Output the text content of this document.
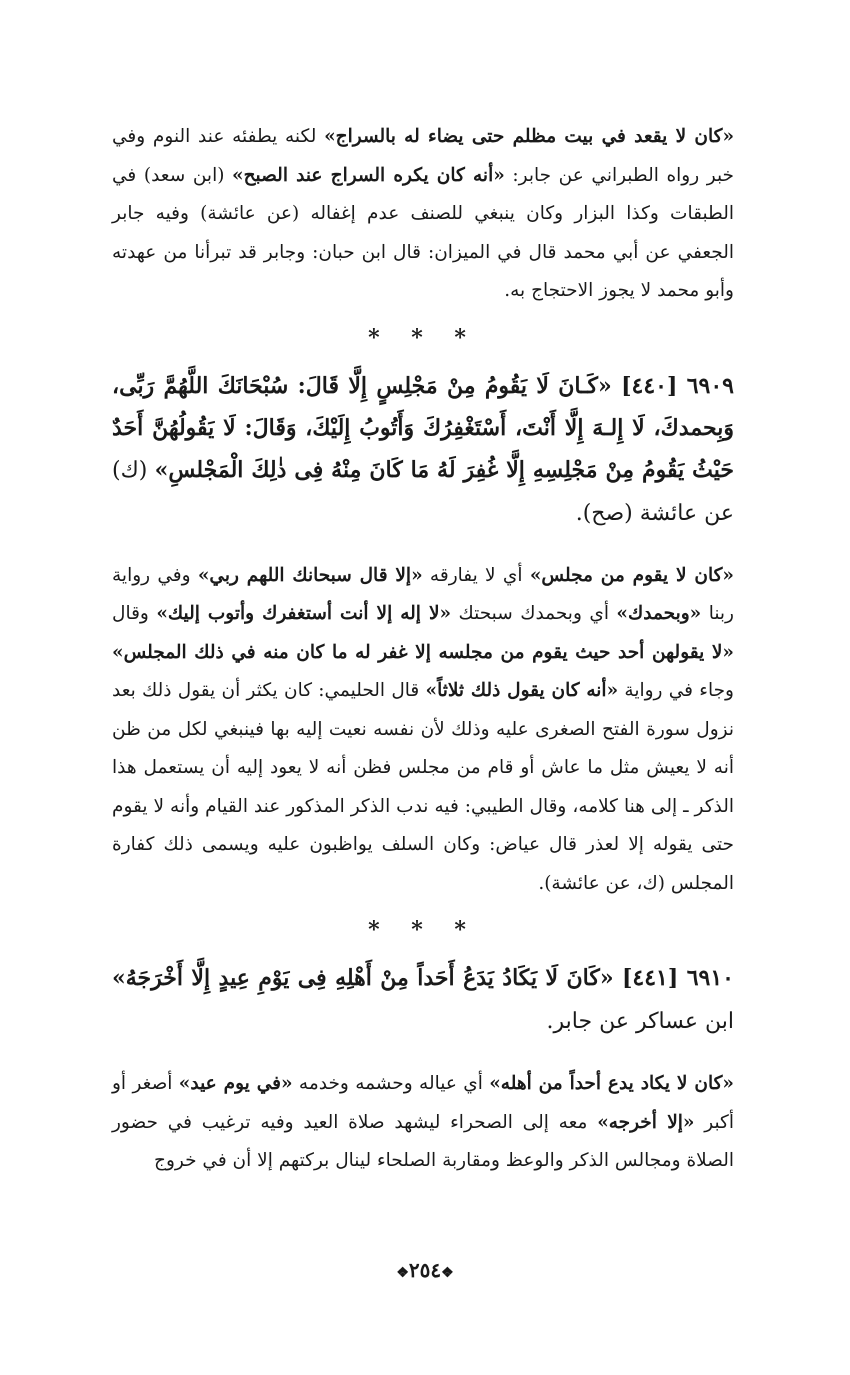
«كان لا يقعد في بيت مظلم حتى يضاء له بالسراج» لكنه يطفئه عند النوم وفي خبر رواه الطبراني عن جابر: «أنه كان يكره السراج عند الصبح» (ابن سعد) في الطبقات وكذا البزار وكان ينبغي للصنف عدم إغفاله (عن عائشة) وفيه جابر الجعفي عن أبي محمد قال في الميزان: قال ابن حبان: وجابر قد تبرأنا من عهدته وأبو محمد لا يجوز الاحتجاج به.

* * *

٦٩٠٩ [٤٤٠] «كَـانَ لَا يَقُومُ مِنْ مَجْلِسٍ إِلَّا قَالَ: سُبْحَانَكَ اللَّهُمَّ رَبِّى، وَبِحمدكَ، لَا إِلـهَ إِلَّا أَنْتَ، أَسْتَغْفِرُكَ وَأَتُوبُ إِلَيْكَ، وَقَالَ: لَا يَقُولُهُنَّ أَحَدٌ حَيْثُ يَقُومُ مِنْ مَجْلِسِهِ إِلَّا غُفِرَ لَهُ مَا كَانَ مِنْهُ فِى ذٰلِكَ الْمَجْلسِ» (ك) عن عائشة (صح).

«كان لا يقوم من مجلس» أي لا يفارقه «إلا قال سبحانك اللهم ربي» وفي رواية ربنا «وبحمدك» أي وبحمدك سبحتك «لا إله إلا أنت أستغفرك وأتوب إليك» وقال «لا يقولهن أحد حيث يقوم من مجلسه إلا غفر له ما كان منه في ذلك المجلس» وجاء في رواية «أنه كان يقول ذلك ثلاثاً» قال الحليمي: كان يكثر أن يقول ذلك بعد نزول سورة الفتح الصغرى عليه وذلك لأن نفسه نعيت إليه بها فينبغي لكل من ظن أنه لا يعيش مثل ما عاش أو قام من مجلس فظن أنه لا يعود إليه أن يستعمل هذا الذكر ـ إلى هنا كلامه، وقال الطيبي: فيه ندب الذكر المذكور عند القيام وأنه لا يقوم حتى يقوله إلا لعذر قال عياض: وكان السلف يواظبون عليه ويسمى ذلك كفارة المجلس (ك، عن عائشة).

* * *

٦٩١٠ [٤٤١] «كَانَ لَا يَكَادُ يَدَعُ أَحَداً مِنْ أَهْلِهِ فِى يَوْمِ عِيدٍ إِلَّا أَخْرَجَهُ» ابن عساكر عن جابر.

«كان لا يكاد يدع أحداً من أهله» أي عياله وحشمه وخدمه «في يوم عيد» أصغر أو أكبر «إلا أخرجه» معه إلى الصحراء ليشهد صلاة العيد وفيه ترغيب في حضور الصلاة ومجالس الذكر والوعظ ومقاربة الصلحاء لينال بركتهم إلا أن في خروج

❖٢٥٤❖
